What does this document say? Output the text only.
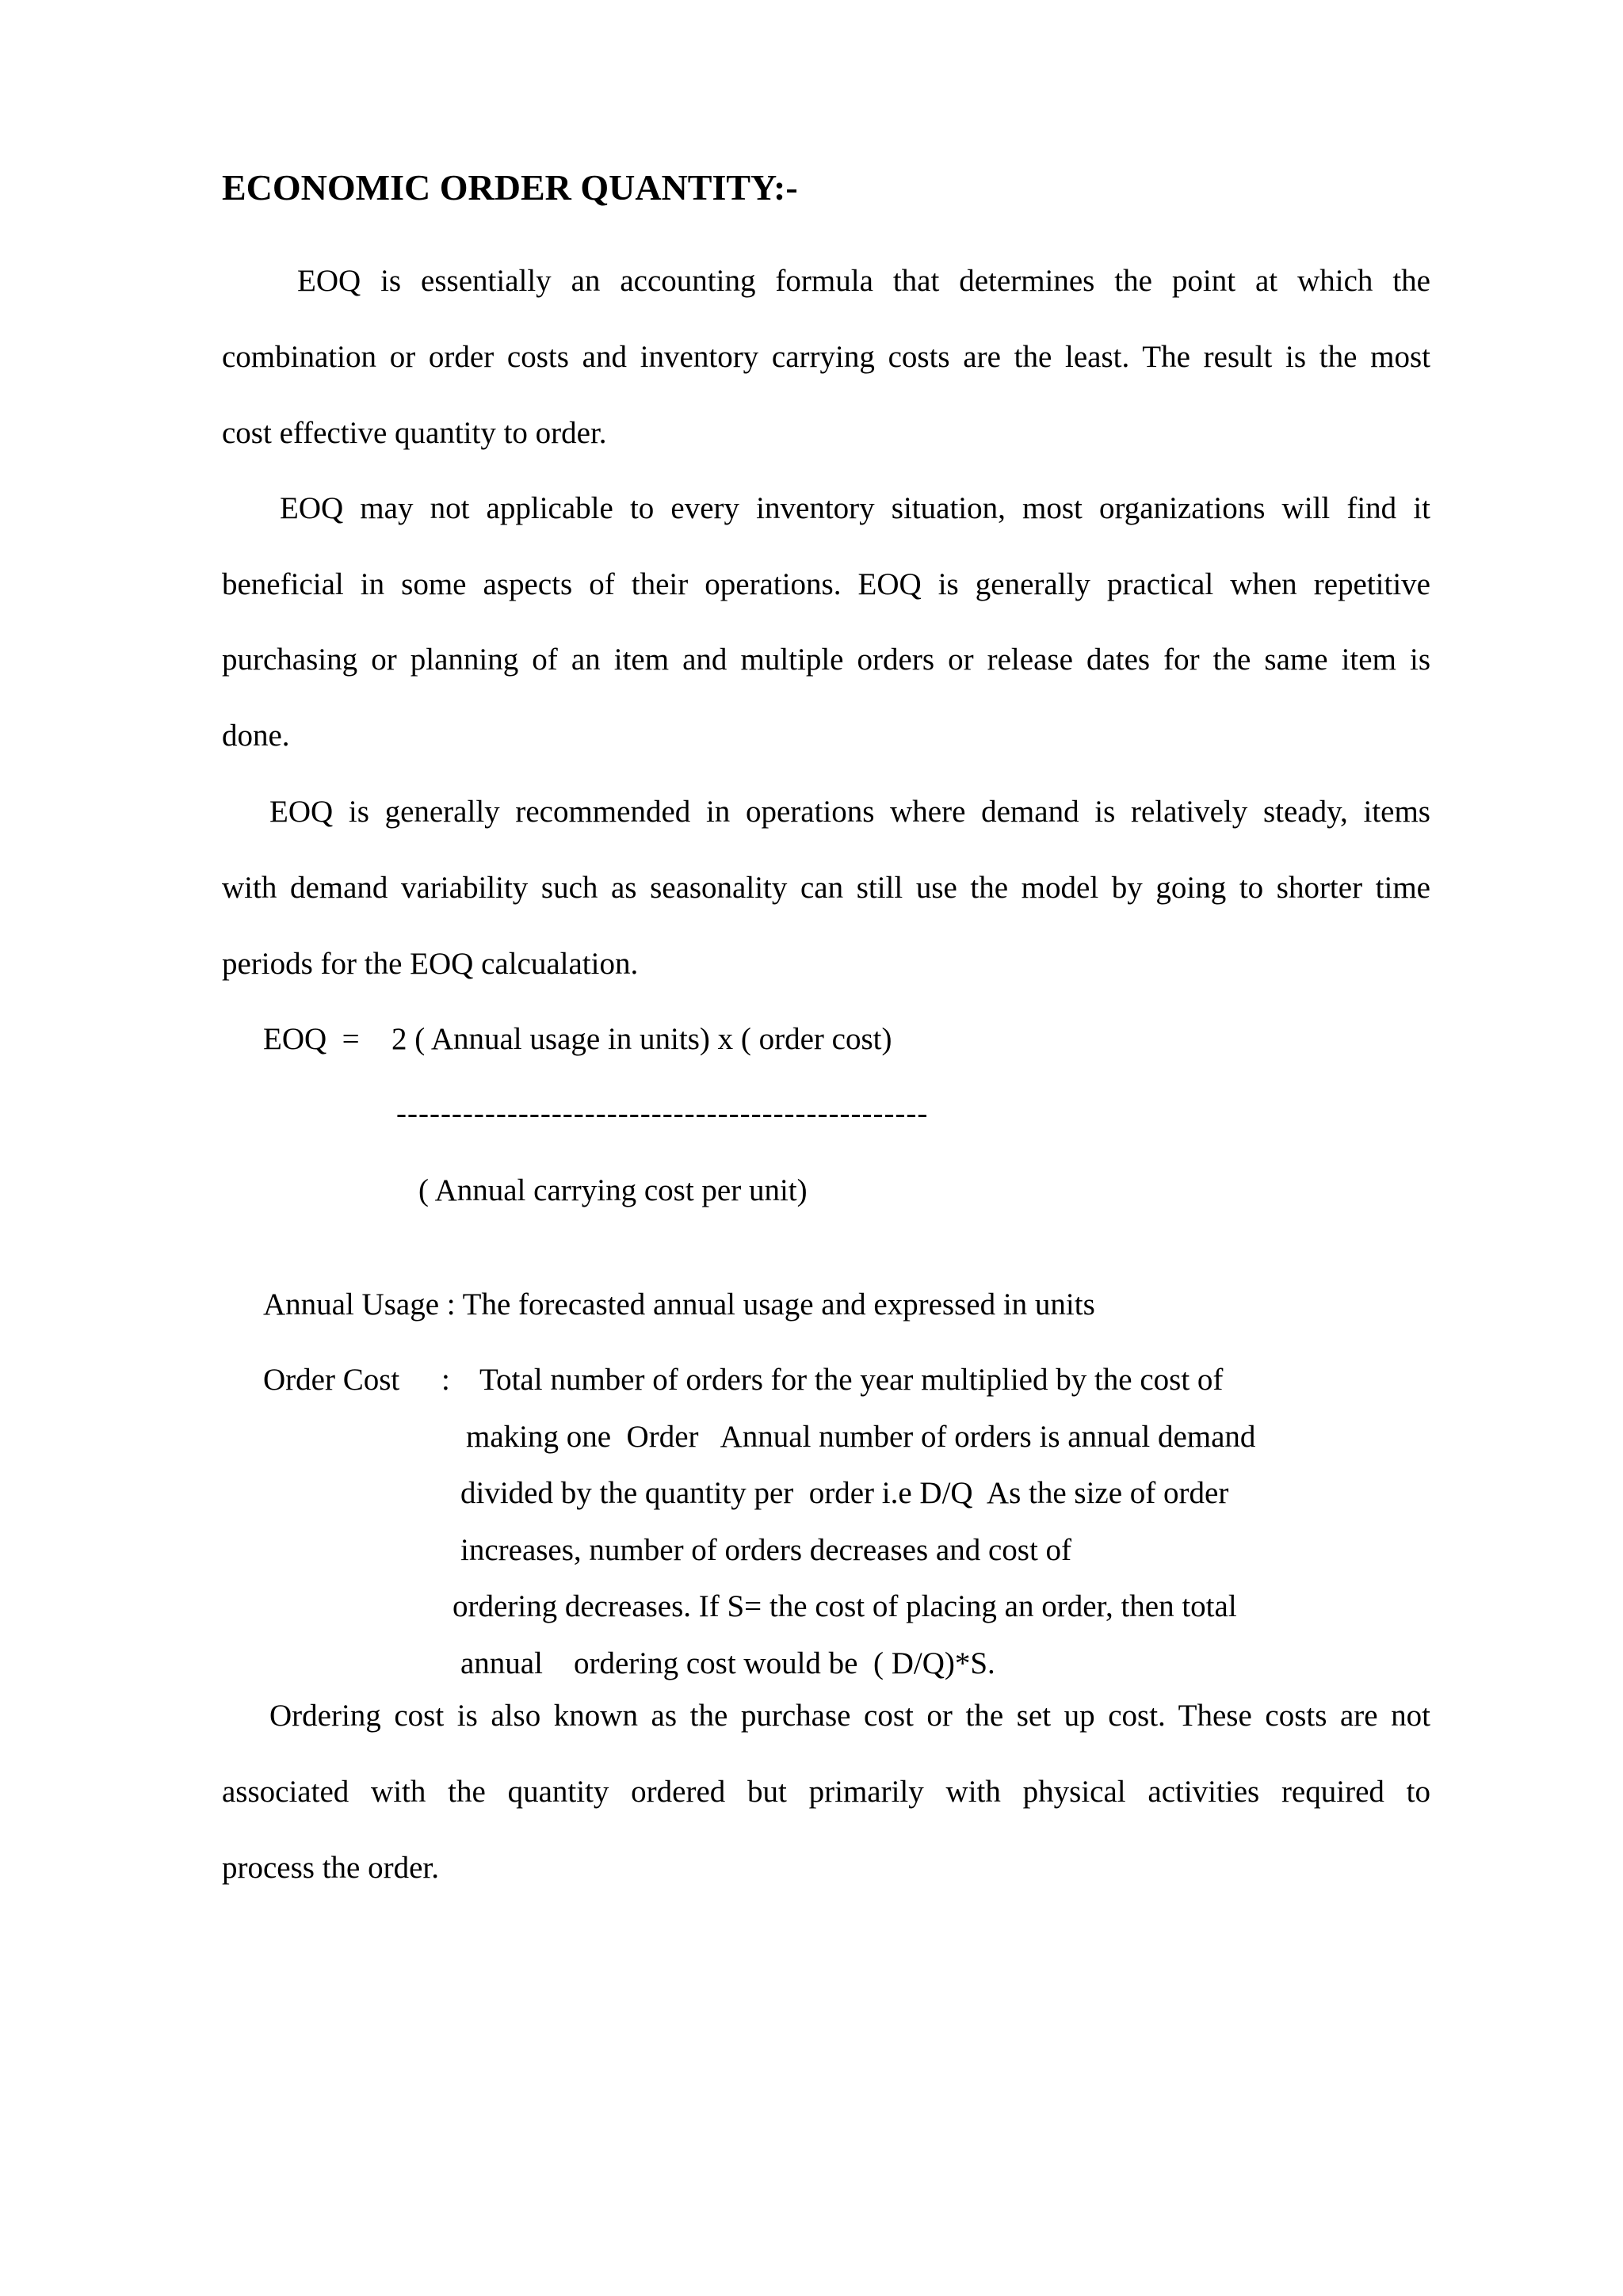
ECONOMIC ORDER QUANTITY:-
EOQ is essentially an accounting formula that determines the point at which the
combination or order costs and inventory carrying costs are the least. The result is the most
cost effective quantity to order.
EOQ may not applicable to every inventory situation, most organizations will find it
beneficial in some aspects of their operations. EOQ is generally practical when repetitive
purchasing or planning of an item and multiple orders or release dates for the same item is
done.
EOQ is generally recommended in operations where demand is relatively steady, items
with demand variability such as seasonality can still use the model by going to shorter time
periods for the EOQ calcualation.
EOQ  = 2 ( Annual usage in units) x ( order cost)
------------------------------------------------
( Annual carrying cost per unit)
Annual Usage : The forecasted annual usage and expressed in units
Order Cost : Total number of orders for the year multiplied by the cost of
making one  Order   Annual number of orders is annual demand
divided by the quantity per  order i.e D/Q  As the size of order
increases, number of orders decreases and cost of
ordering decreases. If S= the cost of placing an order, then total
annual    ordering cost would be  ( D/Q)*S.
Ordering cost is also known as the purchase cost or the set up cost. These costs are not
associated with the quantity ordered but primarily with physical activities required to
process the order.
